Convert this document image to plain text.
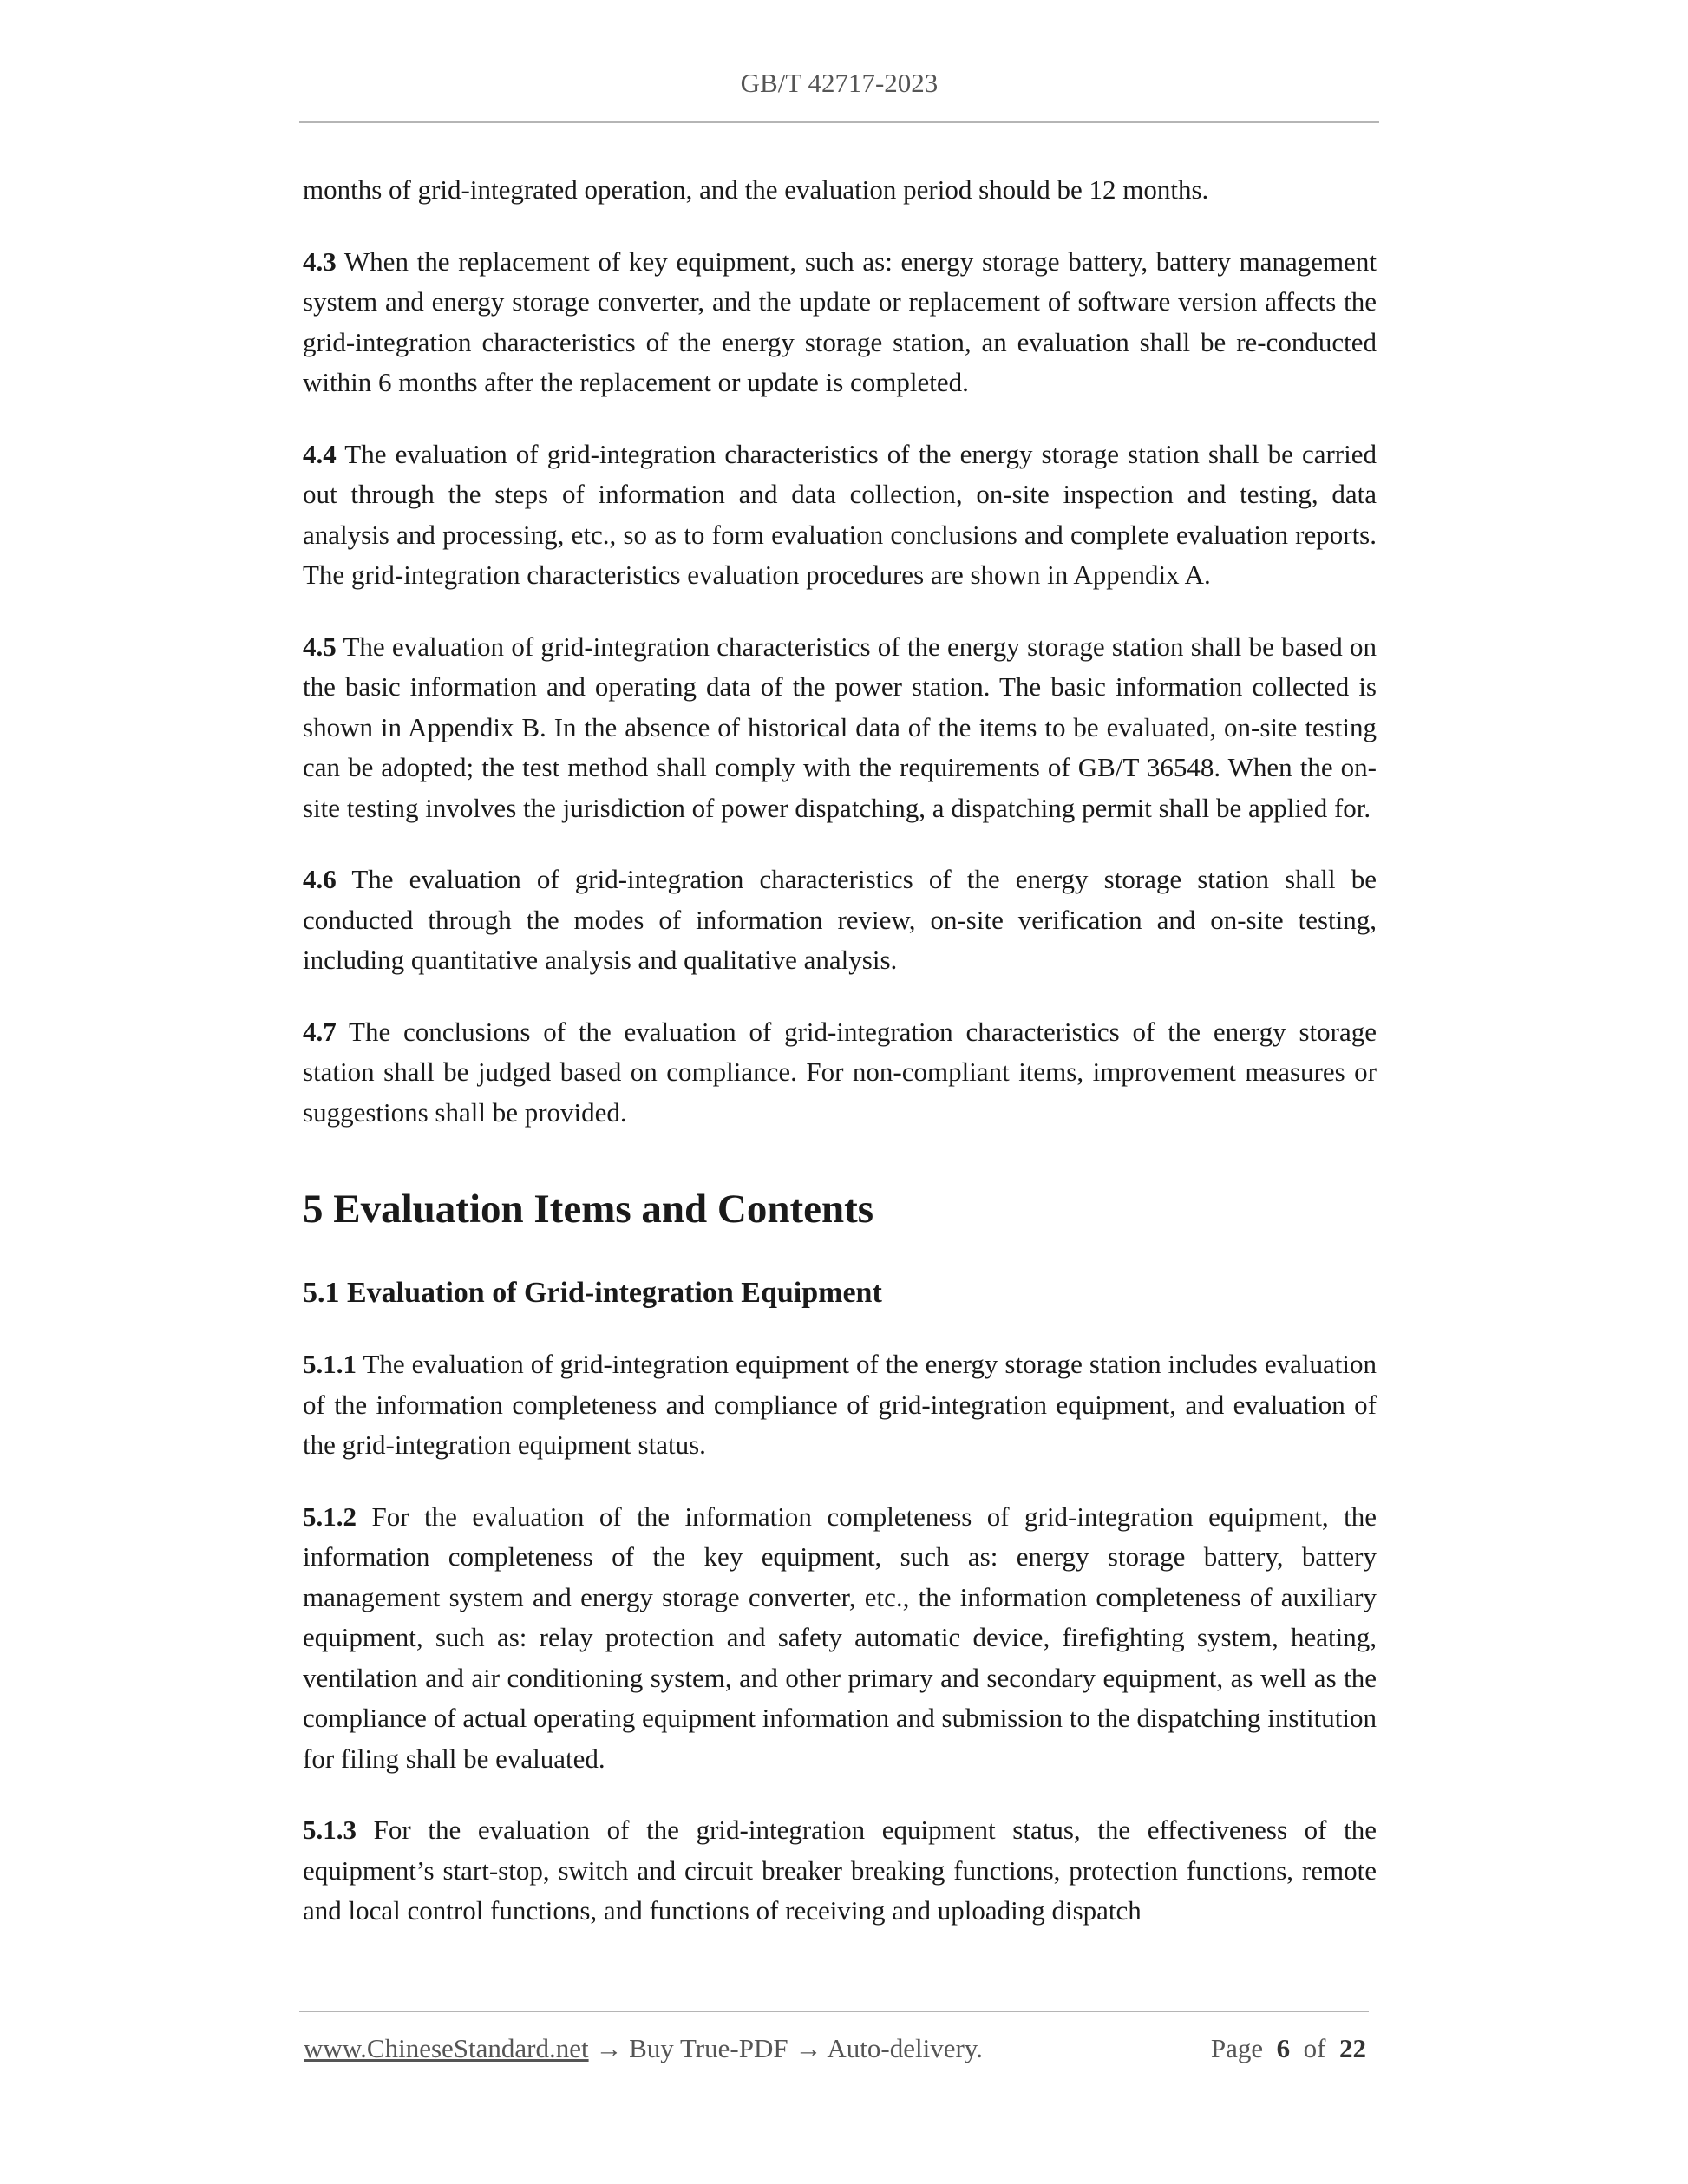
GB/T 42717-2023

months of grid-integrated operation, and the evaluation period should be 12 months.

4.3 When the replacement of key equipment, such as: energy storage battery, battery management system and energy storage converter, and the update or replacement of software version affects the grid-integration characteristics of the energy storage station, an evaluation shall be re-conducted within 6 months after the replacement or update is completed.

4.4 The evaluation of grid-integration characteristics of the energy storage station shall be carried out through the steps of information and data collection, on-site inspection and testing, data analysis and processing, etc., so as to form evaluation conclusions and complete evaluation reports. The grid-integration characteristics evaluation procedures are shown in Appendix A.

4.5 The evaluation of grid-integration characteristics of the energy storage station shall be based on the basic information and operating data of the power station. The basic information collected is shown in Appendix B. In the absence of historical data of the items to be evaluated, on-site testing can be adopted; the test method shall comply with the requirements of GB/T 36548. When the on-site testing involves the jurisdiction of power dispatching, a dispatching permit shall be applied for.

4.6 The evaluation of grid-integration characteristics of the energy storage station shall be conducted through the modes of information review, on-site verification and on-site testing, including quantitative analysis and qualitative analysis.

4.7 The conclusions of the evaluation of grid-integration characteristics of the energy storage station shall be judged based on compliance. For non-compliant items, improvement measures or suggestions shall be provided.

5 Evaluation Items and Contents
5.1 Evaluation of Grid-integration Equipment

5.1.1 The evaluation of grid-integration equipment of the energy storage station includes evaluation of the information completeness and compliance of grid-integration equipment, and evaluation of the grid-integration equipment status.

5.1.2 For the evaluation of the information completeness of grid-integration equipment, the information completeness of the key equipment, such as: energy storage battery, battery management system and energy storage converter, etc., the information completeness of auxiliary equipment, such as: relay protection and safety automatic device, firefighting system, heating, ventilation and air conditioning system, and other primary and secondary equipment, as well as the compliance of actual operating equipment information and submission to the dispatching institution for filing shall be evaluated.

5.1.3 For the evaluation of the grid-integration equipment status, the effectiveness of the equipment’s start-stop, switch and circuit breaker breaking functions, protection functions, remote and local control functions, and functions of receiving and uploading dispatch

www.ChineseStandard.net → Buy True-PDF → Auto-delivery.	Page 6 of 22
